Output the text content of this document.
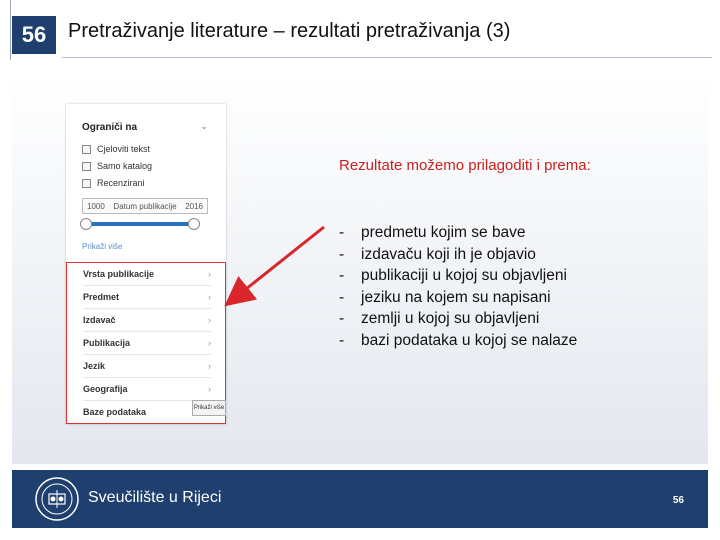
56	Pretraživanje literature – rezultati pretraživanja (3)
Ograniči na	⌄
Cjeloviti tekst
Samo katalog
Recenzirani
1000 Datum publikacije 2016
Prikaži više
Vrsta publikacije	›
Predmet	›
Izdavač	›
Publikacija	›
Jezik	›
Geografija	›
Baze podataka	Prikaži više
Rezultate možemo prilagoditi i prema:
-	predmetu kojim se bave
-	izdavaču koji ih je objavio
-	publikaciji u kojoj su objavljeni
-	jeziku na kojem su napisani
-	zemlji u kojoj su objavljeni
-	bazi podataka u kojoj se nalaze
Sveučilište u Rijeci	56
